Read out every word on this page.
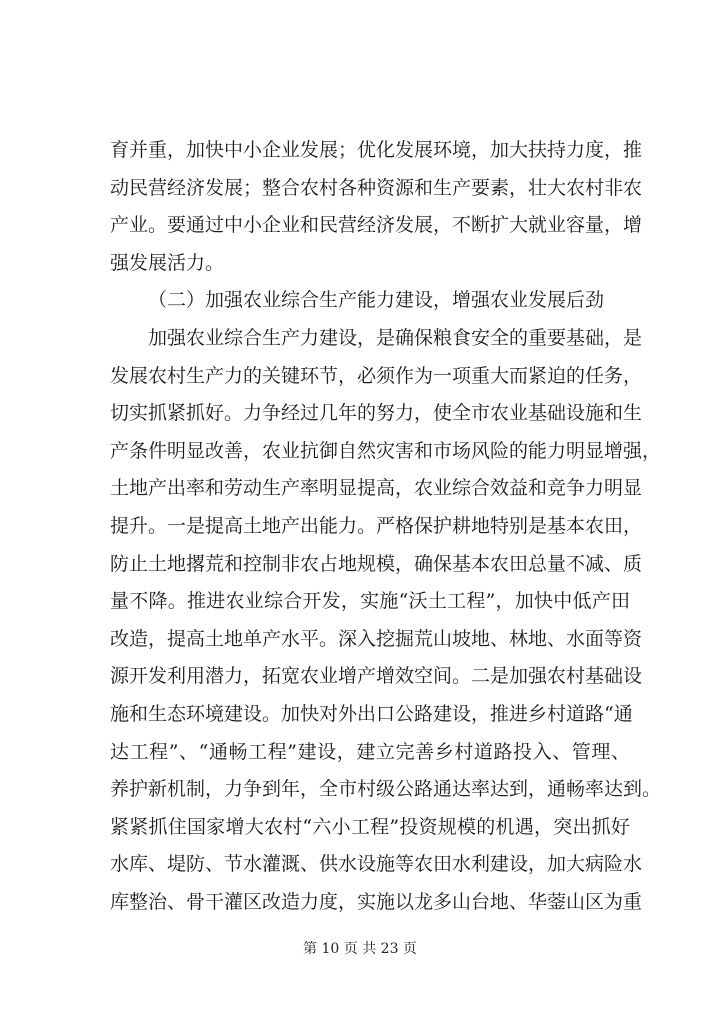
育并重，加快中小企业发展；优化发展环境，加大扶持力度，推
动民营经济发展；整合农村各种资源和生产要素，壮大农村非农
产业。要通过中小企业和民营经济发展，不断扩大就业容量，增
强发展活力。
（二）加强农业综合生产能力建设，增强农业发展后劲
加强农业综合生产力建设，是确保粮食安全的重要基础，是
发展农村生产力的关键环节，必须作为一项重大而紧迫的任务，
切实抓紧抓好。力争经过几年的努力，使全市农业基础设施和生
产条件明显改善，农业抗御自然灾害和市场风险的能力明显增强，
土地产出率和劳动生产率明显提高，农业综合效益和竞争力明显
提升。一是提高土地产出能力。严格保护耕地特别是基本农田，
防止土地撂荒和控制非农占地规模，确保基本农田总量不减、质
量不降。推进农业综合开发，实施“沃土工程”，加快中低产田
改造，提高土地单产水平。深入挖掘荒山坡地、林地、水面等资
源开发利用潜力，拓宽农业增产增效空间。二是加强农村基础设
施和生态环境建设。加快对外出口公路建设，推进乡村道路“通
达工程”、“通畅工程”建设，建立完善乡村道路投入、管理、
养护新机制，力争到年，全市村级公路通达率达到，通畅率达到。
紧紧抓住国家增大农村“六小工程”投资规模的机遇，突出抓好
水库、堤防、节水灌溉、供水设施等农田水利建设，加大病险水
库整治、骨干灌区改造力度，实施以龙多山台地、华蓥山区为重
第 10 页 共 23 页
